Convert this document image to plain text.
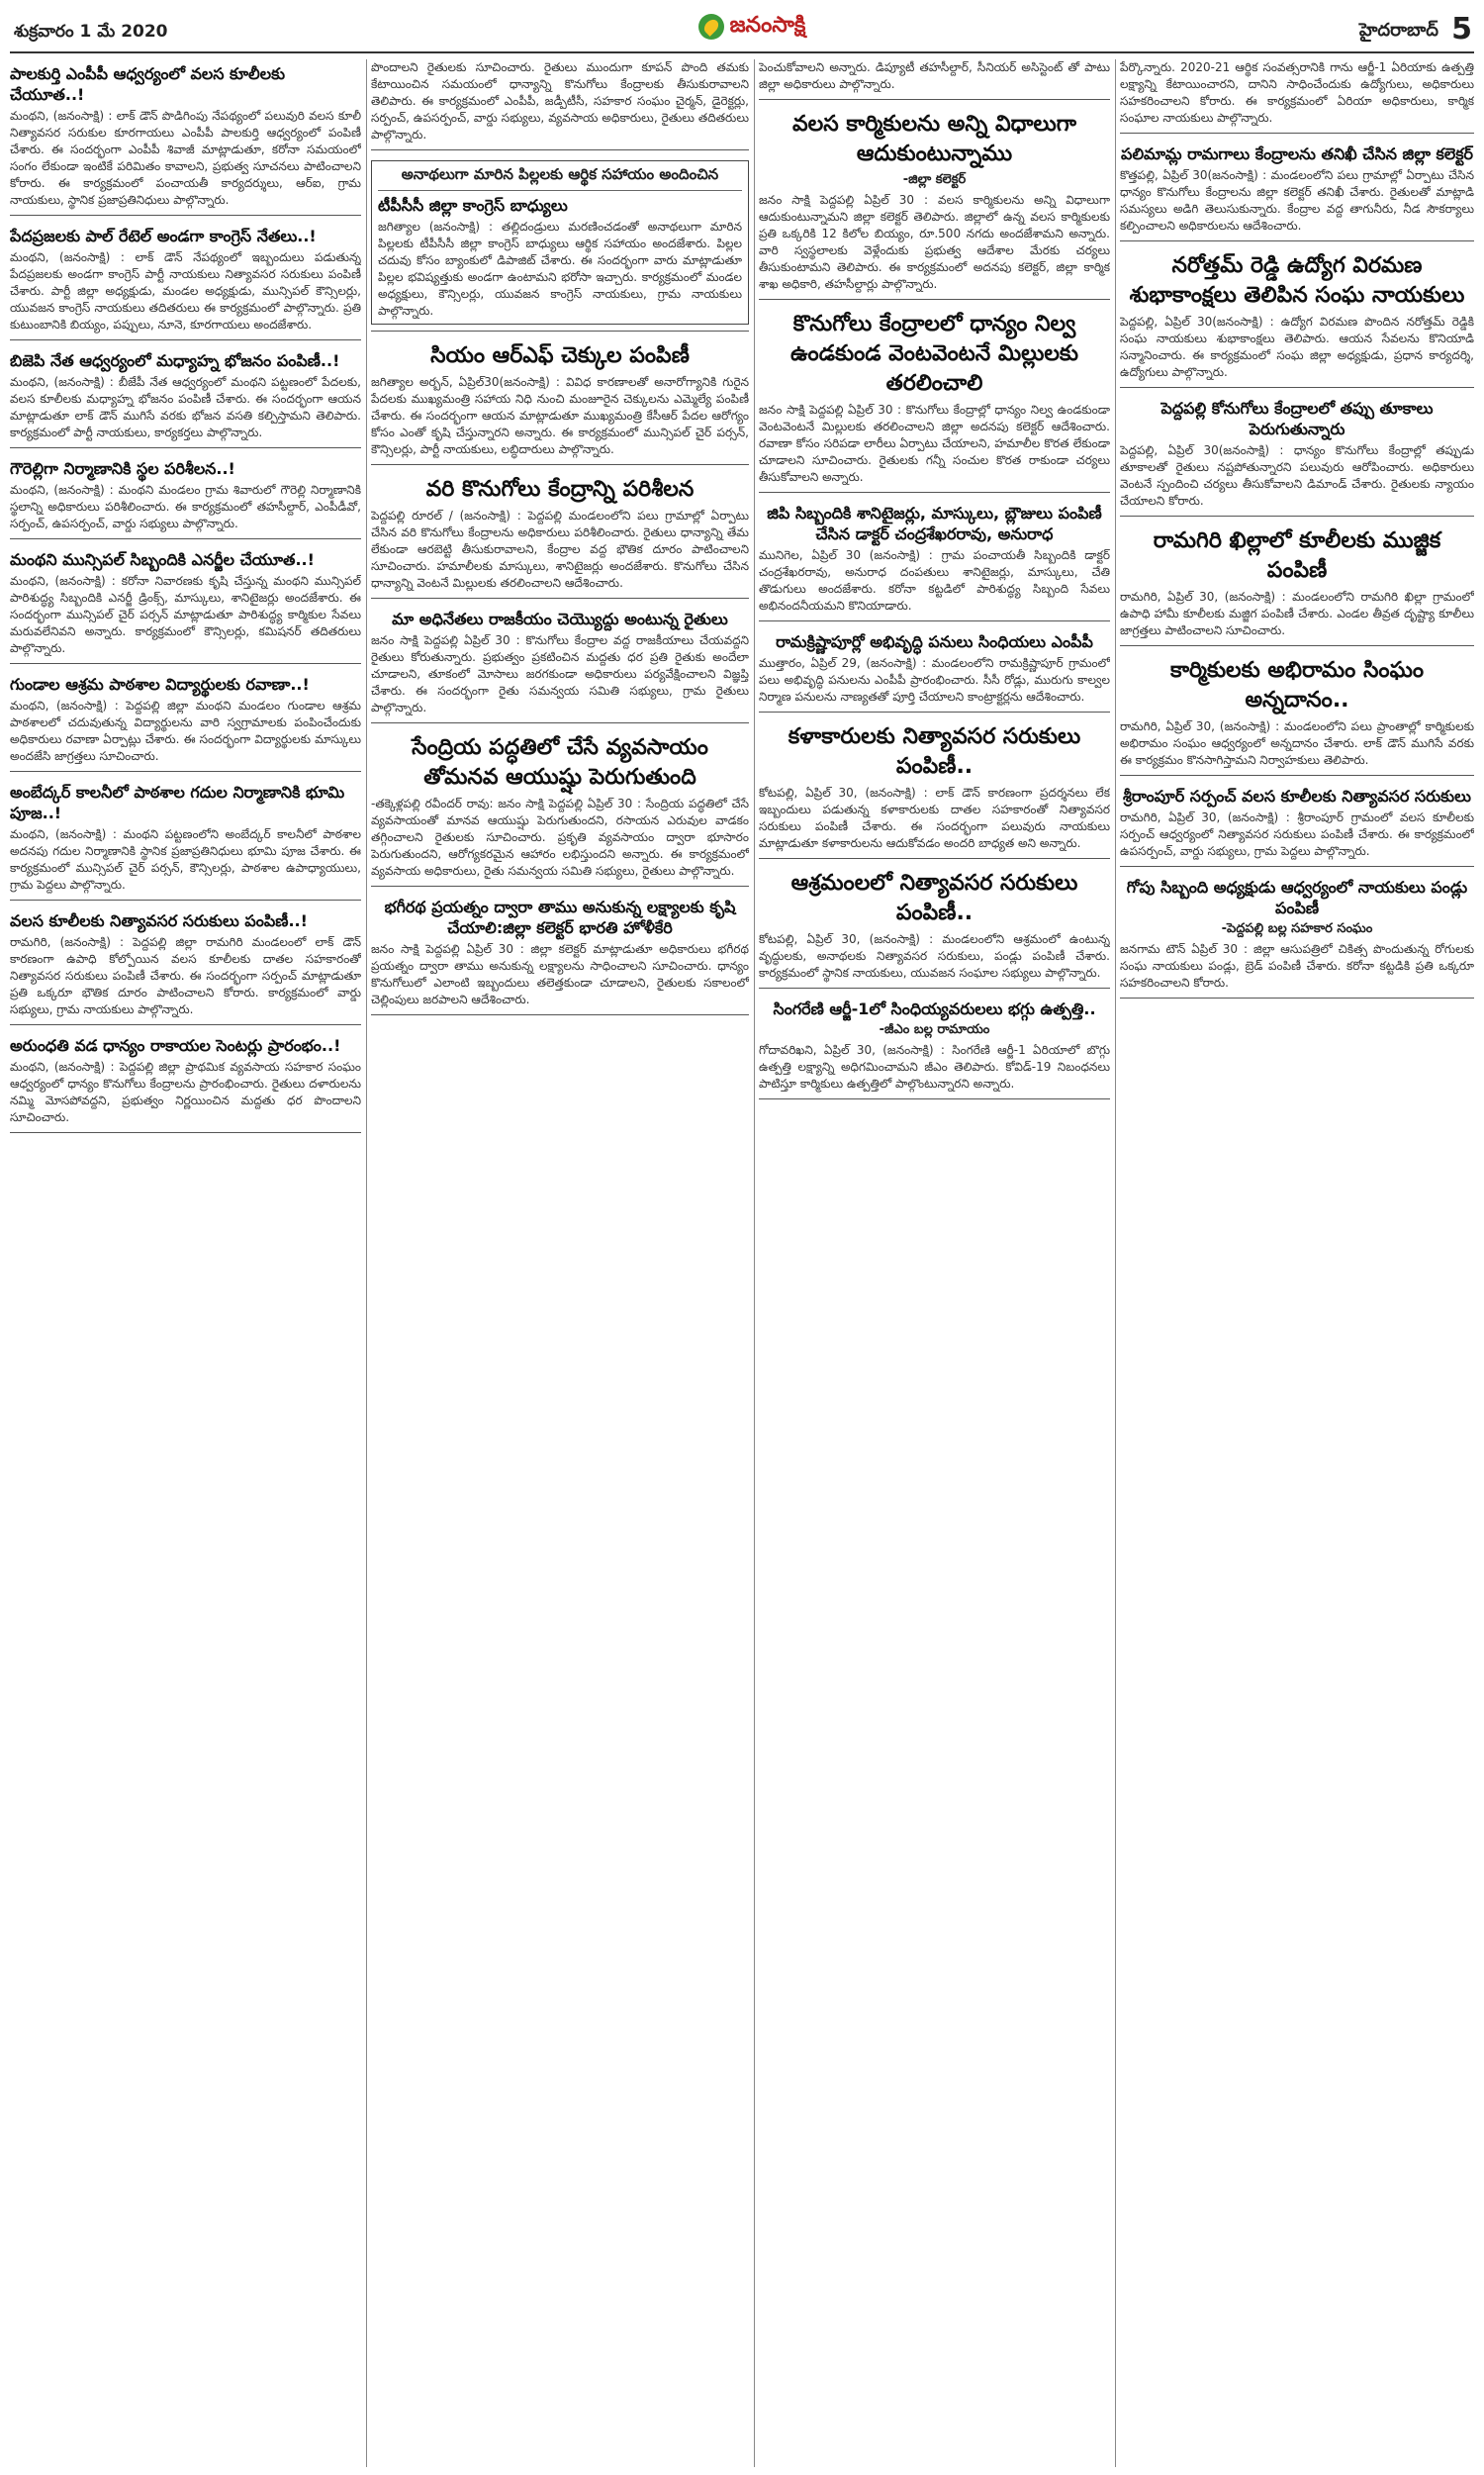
శుక్రవారం 1 మే 2020	జనంసాక్షి	హైదరాబాద్ 5
పాలకుర్తి ఎంపీపీ ఆధ్వర్యంలో వలస కూలీలకు చేయూత..!
మంథని, (జనంసాక్షి) : లాక్ డౌన్ పొడిగింపు నేపథ్యంలో పలువురి వలస కూలీ నిత్యావసర సరుకుల కూరగాయలు ఎంపీపీ పాలకుర్తి ఆధ్వర్యంలో పంపిణీ చేశారు. ఈ సందర్భంగా ఎంపీపీ శివాజీ మాట్లాడుతూ, కరోనా సమయంలో సంగం లేకుండా ఇంటికే పరిమితం కావాలని, ప్రభుత్వ సూచనలు పాటించాలని కోరారు. ఈ కార్యక్రమంలో పంచాయతీ కార్యదర్శులు, ఆర్ఐ, గ్రామ నాయకులు, స్థానిక ప్రజాప్రతినిధులు పాల్గొన్నారు.
పేదప్రజలకు పాల్ రేటెల్ అండగా కాంగ్రెస్ నేతలు..!
మంథని, (జనంసాక్షి) : లాక్ డౌన్ నేపథ్యంలో ఇబ్బందులు పడుతున్న పేదప్రజలకు అండగా కాంగ్రెస్ పార్టీ నాయకులు నిత్యావసర సరుకులు పంపిణీ చేశారు. పార్టీ జిల్లా అధ్యక్షుడు, మండల అధ్యక్షుడు, మున్సిపల్ కౌన్సిలర్లు, యువజన కాంగ్రెస్ నాయకులు తదితరులు ఈ కార్యక్రమంలో పాల్గొన్నారు. ప్రతి కుటుంబానికి బియ్యం, పప్పులు, నూనె, కూరగాయలు అందజేశారు.
బిజెపి నేత ఆధ్వర్యంలో మధ్యాహ్న భోజనం పంపిణీ..!
మంథని, (జనంసాక్షి) : బీజేపీ నేత ఆధ్వర్యంలో మంథని పట్టణంలో పేదలకు, వలస కూలీలకు మధ్యాహ్న భోజనం పంపిణీ చేశారు. ఈ సందర్భంగా ఆయన మాట్లాడుతూ లాక్ డౌన్ ముగిసే వరకు భోజన వసతి కల్పిస్తామని తెలిపారు. కార్యక్రమంలో పార్టీ నాయకులు, కార్యకర్తలు పాల్గొన్నారు.
గౌరెల్లిగా నిర్మాణానికి స్థల పరిశీలన..!
మంథని, (జనంసాక్షి) : మంథని మండలం గ్రామ శివారులో గౌరెల్లి నిర్మాణానికి స్థలాన్ని అధికారులు పరిశీలించారు. ఈ కార్యక్రమంలో తహసీల్దార్, ఎంపీడీవో, సర్పంచ్, ఉపసర్పంచ్, వార్డు సభ్యులు పాల్గొన్నారు.
మంథని మున్సిపల్ సిబ్బందికి ఎనర్జీల చేయూత..!
మంథని, (జనంసాక్షి) : కరోనా నివారణకు కృషి చేస్తున్న మంథని మున్సిపల్ పారిశుద్ధ్య సిబ్బందికి ఎనర్జీ డ్రింక్స్, మాస్కులు, శానిటైజర్లు అందజేశారు. ఈ సందర్భంగా మున్సిపల్ చైర్ పర్సన్ మాట్లాడుతూ పారిశుద్ధ్య కార్మికుల సేవలు మరువలేనివని అన్నారు. కార్యక్రమంలో కౌన్సిలర్లు, కమిషనర్ తదితరులు పాల్గొన్నారు.
గుండాల ఆశ్రమ పాఠశాల విద్యార్థులకు రవాణా..!
మంథని, (జనంసాక్షి) : పెద్దపల్లి జిల్లా మంథని మండలం గుండాల ఆశ్రమ పాఠశాలలో చదువుతున్న విద్యార్థులను వారి స్వగ్రామాలకు పంపించేందుకు అధికారులు రవాణా ఏర్పాట్లు చేశారు. ఈ సందర్భంగా విద్యార్థులకు మాస్కులు అందజేసి జాగ్రత్తలు సూచించారు.
అంబేద్కర్ కాలనీలో పాఠశాల గదుల నిర్మాణానికి భూమి పూజ..!
మంథని, (జనంసాక్షి) : మంథని పట్టణంలోని అంబేద్కర్ కాలనీలో పాఠశాల అదనపు గదుల నిర్మాణానికి స్థానిక ప్రజాప్రతినిధులు భూమి పూజ చేశారు. ఈ కార్యక్రమంలో మున్సిపల్ చైర్ పర్సన్, కౌన్సిలర్లు, పాఠశాల ఉపాధ్యాయులు, గ్రామ పెద్దలు పాల్గొన్నారు.
వలస కూలీలకు నిత్యావసర సరుకులు పంపిణీ..!
రామగిరి, (జనంసాక్షి) : పెద్దపల్లి జిల్లా రామగిరి మండలంలో లాక్ డౌన్ కారణంగా ఉపాధి కోల్పోయిన వలస కూలీలకు దాతల సహకారంతో నిత్యావసర సరుకులు పంపిణీ చేశారు. ఈ సందర్భంగా సర్పంచ్ మాట్లాడుతూ ప్రతి ఒక్కరూ భౌతిక దూరం పాటించాలని కోరారు. కార్యక్రమంలో వార్డు సభ్యులు, గ్రామ నాయకులు పాల్గొన్నారు.
అరుంధతి వడ ధాన్యం రాకాయల సెంటర్లు ప్రారంభం..!
మంథని, (జనంసాక్షి) : పెద్దపల్లి జిల్లా ప్రాథమిక వ్యవసాయ సహకార సంఘం ఆధ్వర్యంలో ధాన్యం కొనుగోలు కేంద్రాలను ప్రారంభించారు. రైతులు దళారులను నమ్మి మోసపోవద్దని, ప్రభుత్వం నిర్ణయించిన మద్దతు ధర పొందాలని సూచించారు.
పొందాలని రైతులకు సూచించారు. రైతులు ముందుగా కూపన్ పొంది తమకు కేటాయించిన సమయంలో ధాన్యాన్ని కొనుగోలు కేంద్రాలకు తీసుకురావాలని తెలిపారు. ఈ కార్యక్రమంలో ఎంపీపీ, జడ్పీటీసీ, సహకార సంఘం చైర్మన్, డైరెక్టర్లు, సర్పంచ్, ఉపసర్పంచ్, వార్డు సభ్యులు, వ్యవసాయ అధికారులు, రైతులు తదితరులు పాల్గొన్నారు.
అనాథలుగా మారిన పిల్లలకు ఆర్థిక సహాయం అందించిన
టీపీసీసీ జిల్లా కాంగ్రెస్ బాధ్యులు
జగిత్యాల (జనంసాక్షి) : తల్లిదండ్రులు మరణించడంతో అనాథలుగా మారిన పిల్లలకు టీపీసీసీ జిల్లా కాంగ్రెస్ బాధ్యులు ఆర్థిక సహాయం అందజేశారు. పిల్లల చదువు కోసం బ్యాంకులో డిపాజిట్ చేశారు. ఈ సందర్భంగా వారు మాట్లాడుతూ పిల్లల భవిష్యత్తుకు అండగా ఉంటామని భరోసా ఇచ్చారు. కార్యక్రమంలో మండల అధ్యక్షులు, కౌన్సిలర్లు, యువజన కాంగ్రెస్ నాయకులు, గ్రామ నాయకులు పాల్గొన్నారు.
సియం ఆర్ఎఫ్ చెక్కుల పంపిణీ
జగిత్యాల అర్బన్, ఏప్రిల్30(జనంసాక్షి) : వివిధ కారణాలతో అనారోగ్యానికి గురైన పేదలకు ముఖ్యమంత్రి సహాయ నిధి నుంచి మంజూరైన చెక్కులను ఎమ్మెల్యే పంపిణీ చేశారు. ఈ సందర్భంగా ఆయన మాట్లాడుతూ ముఖ్యమంత్రి కేసీఆర్ పేదల ఆరోగ్యం కోసం ఎంతో కృషి చేస్తున్నారని అన్నారు. ఈ కార్యక్రమంలో మున్సిపల్ చైర్ పర్సన్, కౌన్సిలర్లు, పార్టీ నాయకులు, లబ్ధిదారులు పాల్గొన్నారు.
వరి కొనుగోలు కేంద్రాన్ని పరిశీలన
పెద్దపల్లి రూరల్ / (జనంసాక్షి) : పెద్దపల్లి మండలంలోని పలు గ్రామాల్లో ఏర్పాటు చేసిన వరి కొనుగోలు కేంద్రాలను అధికారులు పరిశీలించారు. రైతులు ధాన్యాన్ని తేమ లేకుండా ఆరబెట్టి తీసుకురావాలని, కేంద్రాల వద్ద భౌతిక దూరం పాటించాలని సూచించారు. హమాలీలకు మాస్కులు, శానిటైజర్లు అందజేశారు. కొనుగోలు చేసిన ధాన్యాన్ని వెంటనే మిల్లులకు తరలించాలని ఆదేశించారు.
మా అధినేతలు రాజకీయం చెయ్యొద్దు అంటున్న రైతులు
జనం సాక్షి పెద్దపల్లి ఏప్రిల్ 30 : కొనుగోలు కేంద్రాల వద్ద రాజకీయాలు చేయవద్దని రైతులు కోరుతున్నారు. ప్రభుత్వం ప్రకటించిన మద్దతు ధర ప్రతి రైతుకు అందేలా చూడాలని, తూకంలో మోసాలు జరగకుండా అధికారులు పర్యవేక్షించాలని విజ్ఞప్తి చేశారు. ఈ సందర్భంగా రైతు సమన్వయ సమితి సభ్యులు, గ్రామ రైతులు పాల్గొన్నారు.
సేంద్రియ పద్ధతిలో చేసే వ్యవసాయం తోమనవ ఆయుష్షు పెరుగుతుంది
-తక్కెళ్లపల్లి రవీందర్ రావు: జనం సాక్షి పెద్దపల్లి ఏప్రిల్ 30 : సేంద్రియ పద్ధతిలో చేసే వ్యవసాయంతో మానవ ఆయుష్షు పెరుగుతుందని, రసాయన ఎరువుల వాడకం తగ్గించాలని రైతులకు సూచించారు. ప్రకృతి వ్యవసాయం ద్వారా భూసారం పెరుగుతుందని, ఆరోగ్యకరమైన ఆహారం లభిస్తుందని అన్నారు. ఈ కార్యక్రమంలో వ్యవసాయ అధికారులు, రైతు సమన్వయ సమితి సభ్యులు, రైతులు పాల్గొన్నారు.
భగీరథ ప్రయత్నం ద్వారా తాము అనుకున్న లక్ష్యాలకు కృషి చేయాలి:జిల్లా కలెక్టర్ భారతి హోళీకేరి
జనం సాక్షి పెద్దపల్లి ఏప్రిల్ 30 : జిల్లా కలెక్టర్ మాట్లాడుతూ అధికారులు భగీరథ ప్రయత్నం ద్వారా తాము అనుకున్న లక్ష్యాలను సాధించాలని సూచించారు. ధాన్యం కొనుగోలులో ఎలాంటి ఇబ్బందులు తలెత్తకుండా చూడాలని, రైతులకు సకాలంలో చెల్లింపులు జరపాలని ఆదేశించారు.
పెంచుకోవాలని అన్నారు. డిప్యూటీ తహసీల్దార్, సీనియర్ అసిస్టెంట్ తో పాటు జిల్లా అధికారులు పాల్గొన్నారు.
వలస కార్మికులను అన్ని విధాలుగా ఆదుకుంటున్నాము
-జిల్లా కలెక్టర్
జనం సాక్షి పెద్దపల్లి ఏప్రిల్ 30 : వలస కార్మికులను అన్ని విధాలుగా ఆదుకుంటున్నామని జిల్లా కలెక్టర్ తెలిపారు. జిల్లాలో ఉన్న వలస కార్మికులకు ప్రతి ఒక్కరికి 12 కిలోల బియ్యం, రూ.500 నగదు అందజేశామని అన్నారు. వారి స్వస్థలాలకు వెళ్లేందుకు ప్రభుత్వ ఆదేశాల మేరకు చర్యలు తీసుకుంటామని తెలిపారు. ఈ కార్యక్రమంలో అదనపు కలెక్టర్, జిల్లా కార్మిక శాఖ అధికారి, తహసీల్దార్లు పాల్గొన్నారు.
కొనుగోలు కేంద్రాలలో ధాన్యం నిల్వ ఉండకుండ వెంటవెంటనే మిల్లులకు తరలించాలి
జనం సాక్షి పెద్దపల్లి ఏప్రిల్ 30 : కొనుగోలు కేంద్రాల్లో ధాన్యం నిల్వ ఉండకుండా వెంటవెంటనే మిల్లులకు తరలించాలని జిల్లా అదనపు కలెక్టర్ ఆదేశించారు. రవాణా కోసం సరిపడా లారీలు ఏర్పాటు చేయాలని, హమాలీల కొరత లేకుండా చూడాలని సూచించారు. రైతులకు గన్నీ సంచుల కొరత రాకుండా చర్యలు తీసుకోవాలని అన్నారు.
జిపి సిబ్బందికి శానిటైజర్లు, మాస్కులు, బ్లౌజులు పంపిణీ చేసిన డాక్టర్ చంద్రశేఖరరావు, అనురాధ
మునిగెల, ఏప్రిల్ 30 (జనంసాక్షి) : గ్రామ పంచాయతీ సిబ్బందికి డాక్టర్ చంద్రశేఖరరావు, అనురాధ దంపతులు శానిటైజర్లు, మాస్కులు, చేతి తొడుగులు అందజేశారు. కరోనా కట్టడిలో పారిశుద్ధ్య సిబ్బంది సేవలు అభినందనీయమని కొనియాడారు.
రామక్రిష్ణాపూర్లో అభివృద్ధి పనులు సింధియలు ఎంపీపీ
ముత్తారం, ఏప్రిల్ 29, (జనంసాక్షి) : మండలంలోని రామక్రిష్ణాపూర్ గ్రామంలో పలు అభివృద్ధి పనులను ఎంపీపీ ప్రారంభించారు. సీసీ రోడ్లు, మురుగు కాల్వల నిర్మాణ పనులను నాణ్యతతో పూర్తి చేయాలని కాంట్రాక్టర్లను ఆదేశించారు.
కళాకారులకు నిత్యావసర సరుకులు పంపిణీ..
కోటపల్లి, ఏప్రిల్ 30, (జనంసాక్షి) : లాక్ డౌన్ కారణంగా ప్రదర్శనలు లేక ఇబ్బందులు పడుతున్న కళాకారులకు దాతల సహకారంతో నిత్యావసర సరుకులు పంపిణీ చేశారు. ఈ సందర్భంగా పలువురు నాయకులు మాట్లాడుతూ కళాకారులను ఆదుకోవడం అందరి బాధ్యత అని అన్నారు.
ఆశ్రమంలలో నిత్యావసర సరుకులు పంపిణీ..
కోటపల్లి, ఏప్రిల్ 30, (జనంసాక్షి) : మండలంలోని ఆశ్రమంలో ఉంటున్న వృద్ధులకు, అనాథలకు నిత్యావసర సరుకులు, పండ్లు పంపిణీ చేశారు. కార్యక్రమంలో స్థానిక నాయకులు, యువజన సంఘాల సభ్యులు పాల్గొన్నారు.
సింగరేణి ఆర్జీ-1లో సింధియ్యవరులలు భగ్గు ఉత్పత్తి..
-జీఎం బల్ల రామాయం
గోదావరిఖని, ఏప్రిల్ 30, (జనంసాక్షి) : సింగరేణి ఆర్జీ-1 ఏరియాలో బొగ్గు ఉత్పత్తి లక్ష్యాన్ని అధిగమించామని జీఎం తెలిపారు. కోవిడ్-19 నిబంధనలు పాటిస్తూ కార్మికులు ఉత్పత్తిలో పాల్గొంటున్నారని అన్నారు.
పేర్కొన్నారు. 2020-21 ఆర్థిక సంవత్సరానికి గాను ఆర్జీ-1 ఏరియాకు ఉత్పత్తి లక్ష్యాన్ని కేటాయించారని, దానిని సాధించేందుకు ఉద్యోగులు, అధికారులు సహకరించాలని కోరారు. ఈ కార్యక్రమంలో ఏరియా అధికారులు, కార్మిక సంఘాల నాయకులు పాల్గొన్నారు.
పలిమామ్ల రామగాలు కేంద్రాలను తనిఖీ చేసిన జిల్లా కలెక్టర్
కొత్తపల్లి, ఏప్రిల్ 30(జనంసాక్షి) : మండలంలోని పలు గ్రామాల్లో ఏర్పాటు చేసిన ధాన్యం కొనుగోలు కేంద్రాలను జిల్లా కలెక్టర్ తనిఖీ చేశారు. రైతులతో మాట్లాడి సమస్యలు అడిగి తెలుసుకున్నారు. కేంద్రాల వద్ద తాగునీరు, నీడ సౌకర్యాలు కల్పించాలని అధికారులను ఆదేశించారు.
నరోత్తమ్ రెడ్డి ఉద్యోగ విరమణ శుభాకాంక్షలు తెలిపిన సంఘ నాయకులు
పెద్దపల్లి, ఏప్రిల్ 30(జనంసాక్షి) : ఉద్యోగ విరమణ పొందిన నరోత్తమ్ రెడ్డికి సంఘ నాయకులు శుభాకాంక్షలు తెలిపారు. ఆయన సేవలను కొనియాడి సన్మానించారు. ఈ కార్యక్రమంలో సంఘ జిల్లా అధ్యక్షుడు, ప్రధాన కార్యదర్శి, ఉద్యోగులు పాల్గొన్నారు.
పెద్దపల్లి కోనుగోలు కేంద్రాలలో తప్పు తూకాలు పెరుగుతున్నారు
పెద్దపల్లి, ఏప్రిల్ 30(జనంసాక్షి) : ధాన్యం కొనుగోలు కేంద్రాల్లో తప్పుడు తూకాలతో రైతులు నష్టపోతున్నారని పలువురు ఆరోపించారు. అధికారులు వెంటనే స్పందించి చర్యలు తీసుకోవాలని డిమాండ్ చేశారు. రైతులకు న్యాయం చేయాలని కోరారు.
రామగిరి ఖిల్లాలో కూలీలకు ముజ్జిక పంపిణీ
రామగిరి, ఏప్రిల్ 30, (జనంసాక్షి) : మండలంలోని రామగిరి ఖిల్లా గ్రామంలో ఉపాధి హామీ కూలీలకు మజ్జిగ పంపిణీ చేశారు. ఎండల తీవ్రత దృష్ట్యా కూలీలు జాగ్రత్తలు పాటించాలని సూచించారు.
కార్మికులకు అభిరామం సింఘం అన్నదానం..
రామగిరి, ఏప్రిల్ 30, (జనంసాక్షి) : మండలంలోని పలు ప్రాంతాల్లో కార్మికులకు అభిరామం సంఘం ఆధ్వర్యంలో అన్నదానం చేశారు. లాక్ డౌన్ ముగిసే వరకు ఈ కార్యక్రమం కొనసాగిస్తామని నిర్వాహకులు తెలిపారు.
శ్రీరాంపూర్ సర్పంచ్ వలస కూలీలకు నిత్యావసర సరుకులు
రామగిరి, ఏప్రిల్ 30, (జనంసాక్షి) : శ్రీరాంపూర్ గ్రామంలో వలస కూలీలకు సర్పంచ్ ఆధ్వర్యంలో నిత్యావసర సరుకులు పంపిణీ చేశారు. ఈ కార్యక్రమంలో ఉపసర్పంచ్, వార్డు సభ్యులు, గ్రామ పెద్దలు పాల్గొన్నారు.
గోపు సిబ్బంది అధ్యక్షుడు ఆధ్వర్యంలో నాయకులు పండ్లు పంపిణీ
-పెద్దపల్లి బల్ల సహకార సంఘం
జనగామ టౌన్ ఏప్రిల్ 30 : జిల్లా ఆసుపత్రిలో చికిత్స పొందుతున్న రోగులకు సంఘ నాయకులు పండ్లు, బ్రెడ్ పంపిణీ చేశారు. కరోనా కట్టడికి ప్రతి ఒక్కరూ సహకరించాలని కోరారు.
